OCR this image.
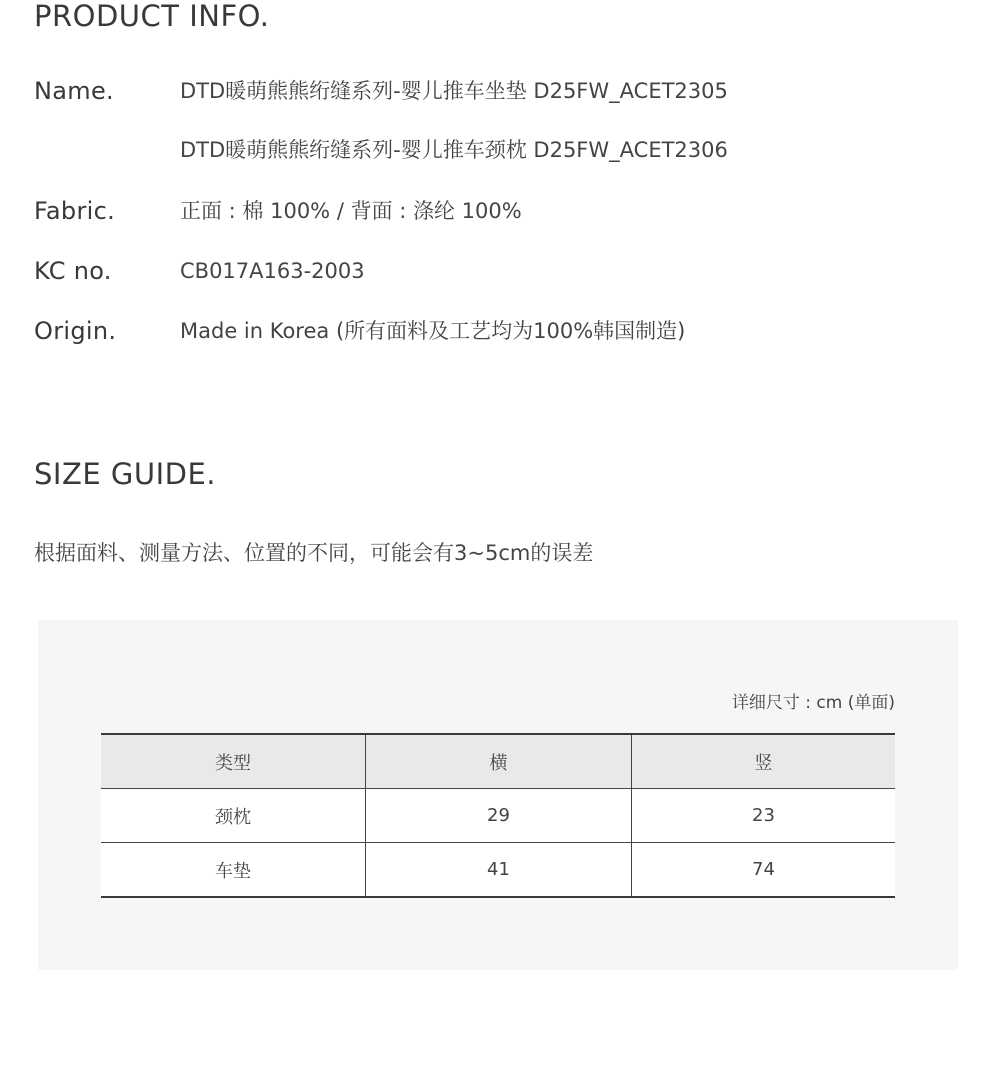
PRODUCT INFO.
Name.	DTD暖萌熊熊绗缝系列-婴儿推车坐垫 D25FW_ACET2305
DTD暖萌熊熊绗缝系列-婴儿推车颈枕 D25FW_ACET2306
Fabric.	正面 : 棉 100% / 背面 : 涤纶 100%
KC no.	CB017A163-2003
Origin.	Made in Korea (所有面料及工艺均为100%韩国制造)
SIZE GUIDE.
根据面料、测量方法、位置的不同，可能会有3~5cm的误差
详细尺寸 : cm (单面)
类型	横	竖
颈枕	29	23
车垫	41	74
